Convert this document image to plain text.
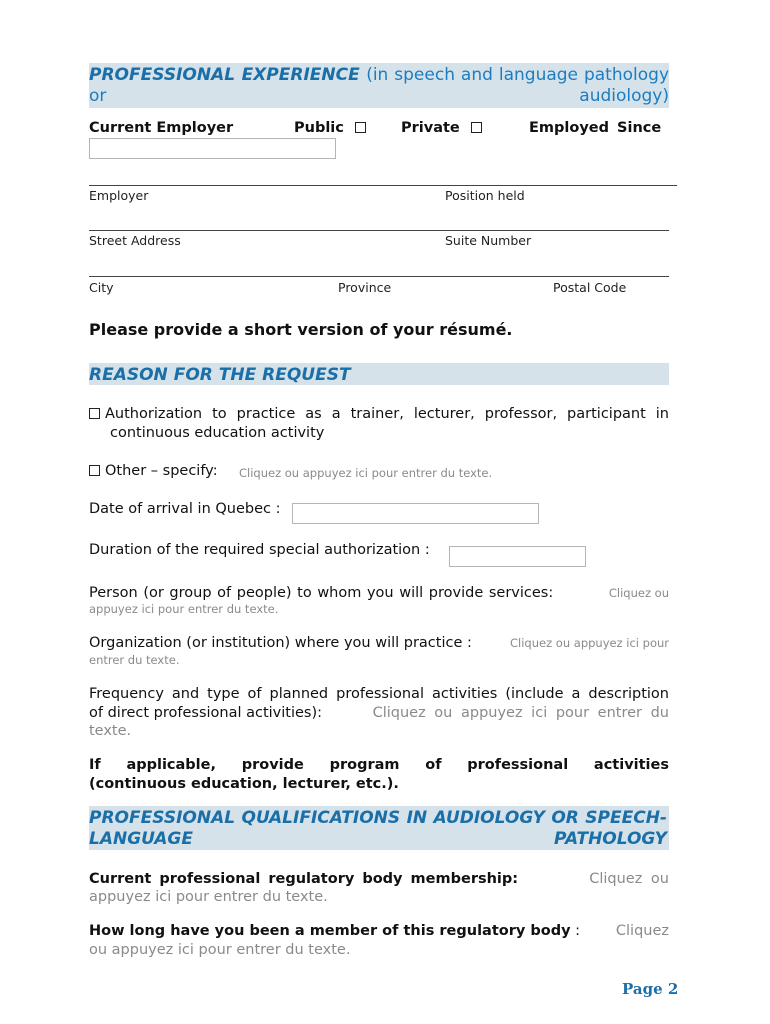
PROFESSIONAL EXPERIENCE (in speech and language pathology or audiology)
Current Employer	Public	Private	Employed Since
Employer	Position held
Street Address	Suite Number
City	Province	Postal Code
Please provide a short version of your résumé.
REASON FOR THE REQUEST
Authorization to practice as a trainer, lecturer, professor, participant in
continuous education activity
Other – specify: Cliquez ou appuyez ici pour entrer du texte.
Date of arrival in Quebec :
Duration of the required special authorization :
Person (or group of people) to whom you will provide services:	Cliquez ou
appuyez ici pour entrer du texte.
Organization (or institution) where you will practice :	Cliquez ou appuyez ici pour
entrer du texte.
Frequency and type of planned professional activities (include a description
of direct professional activities):	Cliquez ou appuyez ici pour entrer du
texte.
If applicable, provide program of professional activities
(continuous education, lecturer, etc.).
PROFESSIONAL QUALIFICATIONS IN AUDIOLOGY OR SPEECH-LANGUAGE PATHOLOGY
Current professional regulatory body membership:	Cliquez ou
appuyez ici pour entrer du texte.
How long have you been a member of this regulatory body : Cliquez
ou appuyez ici pour entrer du texte.
Page 2
